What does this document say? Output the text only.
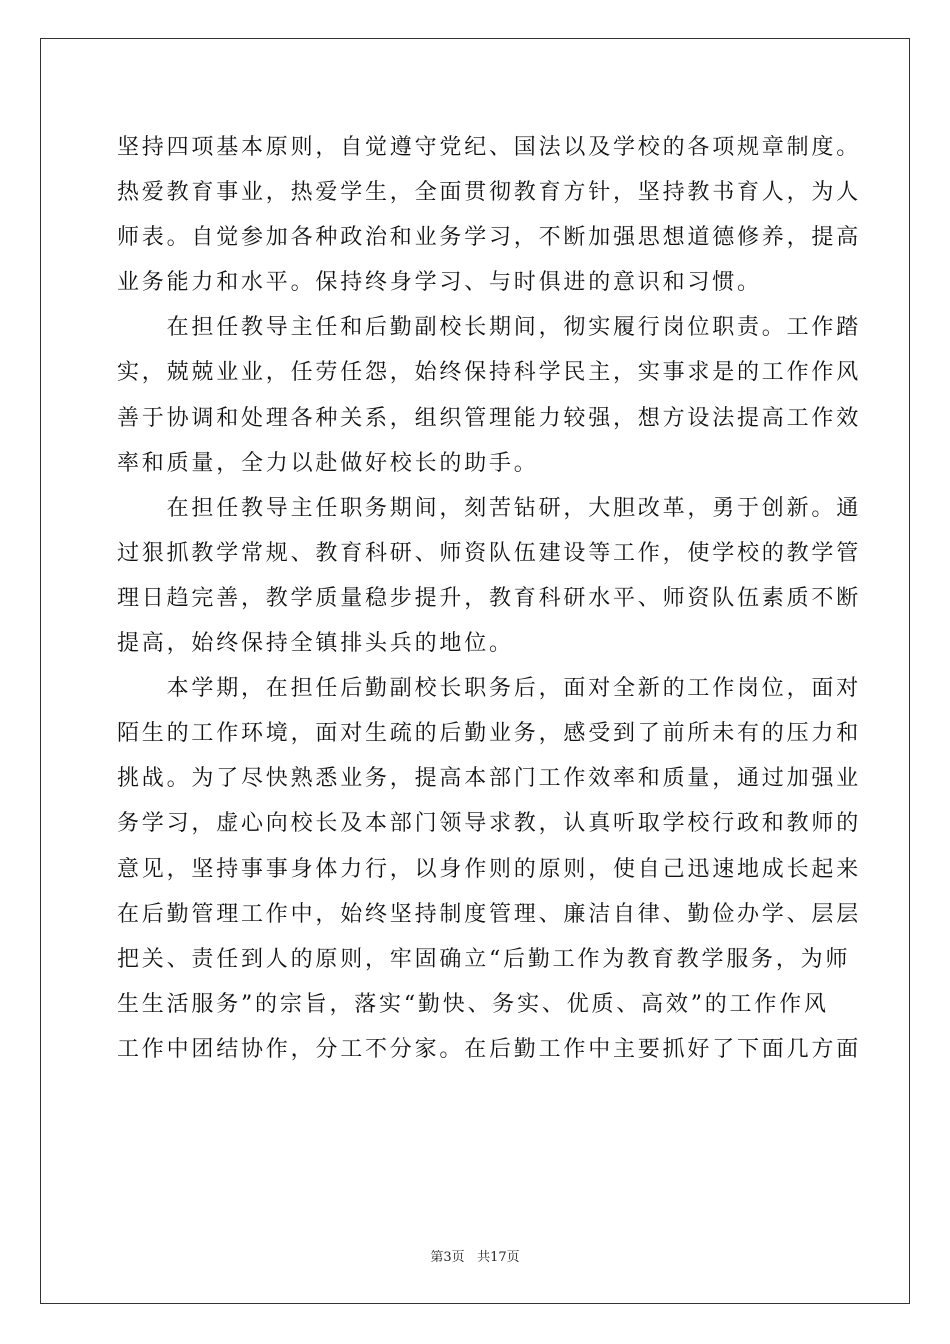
坚持四项基本原则，自觉遵守党纪、国法以及学校的各项规章制度。
热爱教育事业，热爱学生，全面贯彻教育方针，坚持教书育人，为人
师表。自觉参加各种政治和业务学习，不断加强思想道德修养，提高
业务能力和水平。保持终身学习、与时俱进的意识和习惯。
　　在担任教导主任和后勤副校长期间，彻实履行岗位职责。工作踏
实，兢兢业业，任劳任怨，始终保持科学民主，实事求是的工作作风
善于协调和处理各种关系，组织管理能力较强，想方设法提高工作效
率和质量，全力以赴做好校长的助手。
　　在担任教导主任职务期间，刻苦钻研，大胆改革，勇于创新。通
过狠抓教学常规、教育科研、师资队伍建设等工作，使学校的教学管
理日趋完善，教学质量稳步提升，教育科研水平、师资队伍素质不断
提高，始终保持全镇排头兵的地位。
　　本学期，在担任后勤副校长职务后，面对全新的工作岗位，面对
陌生的工作环境，面对生疏的后勤业务，感受到了前所未有的压力和
挑战。为了尽快熟悉业务，提高本部门工作效率和质量，通过加强业
务学习，虚心向校长及本部门领导求教，认真听取学校行政和教师的
意见，坚持事事身体力行，以身作则的原则，使自己迅速地成长起来
在后勤管理工作中，始终坚持制度管理、廉洁自律、勤俭办学、层层
把关、责任到人的原则，牢固确立“后勤工作为教育教学服务，为师
生生活服务”的宗旨，落实“勤快、务实、优质、高效”的工作作风
工作中团结协作，分工不分家。在后勤工作中主要抓好了下面几方面
第3页 共17页
